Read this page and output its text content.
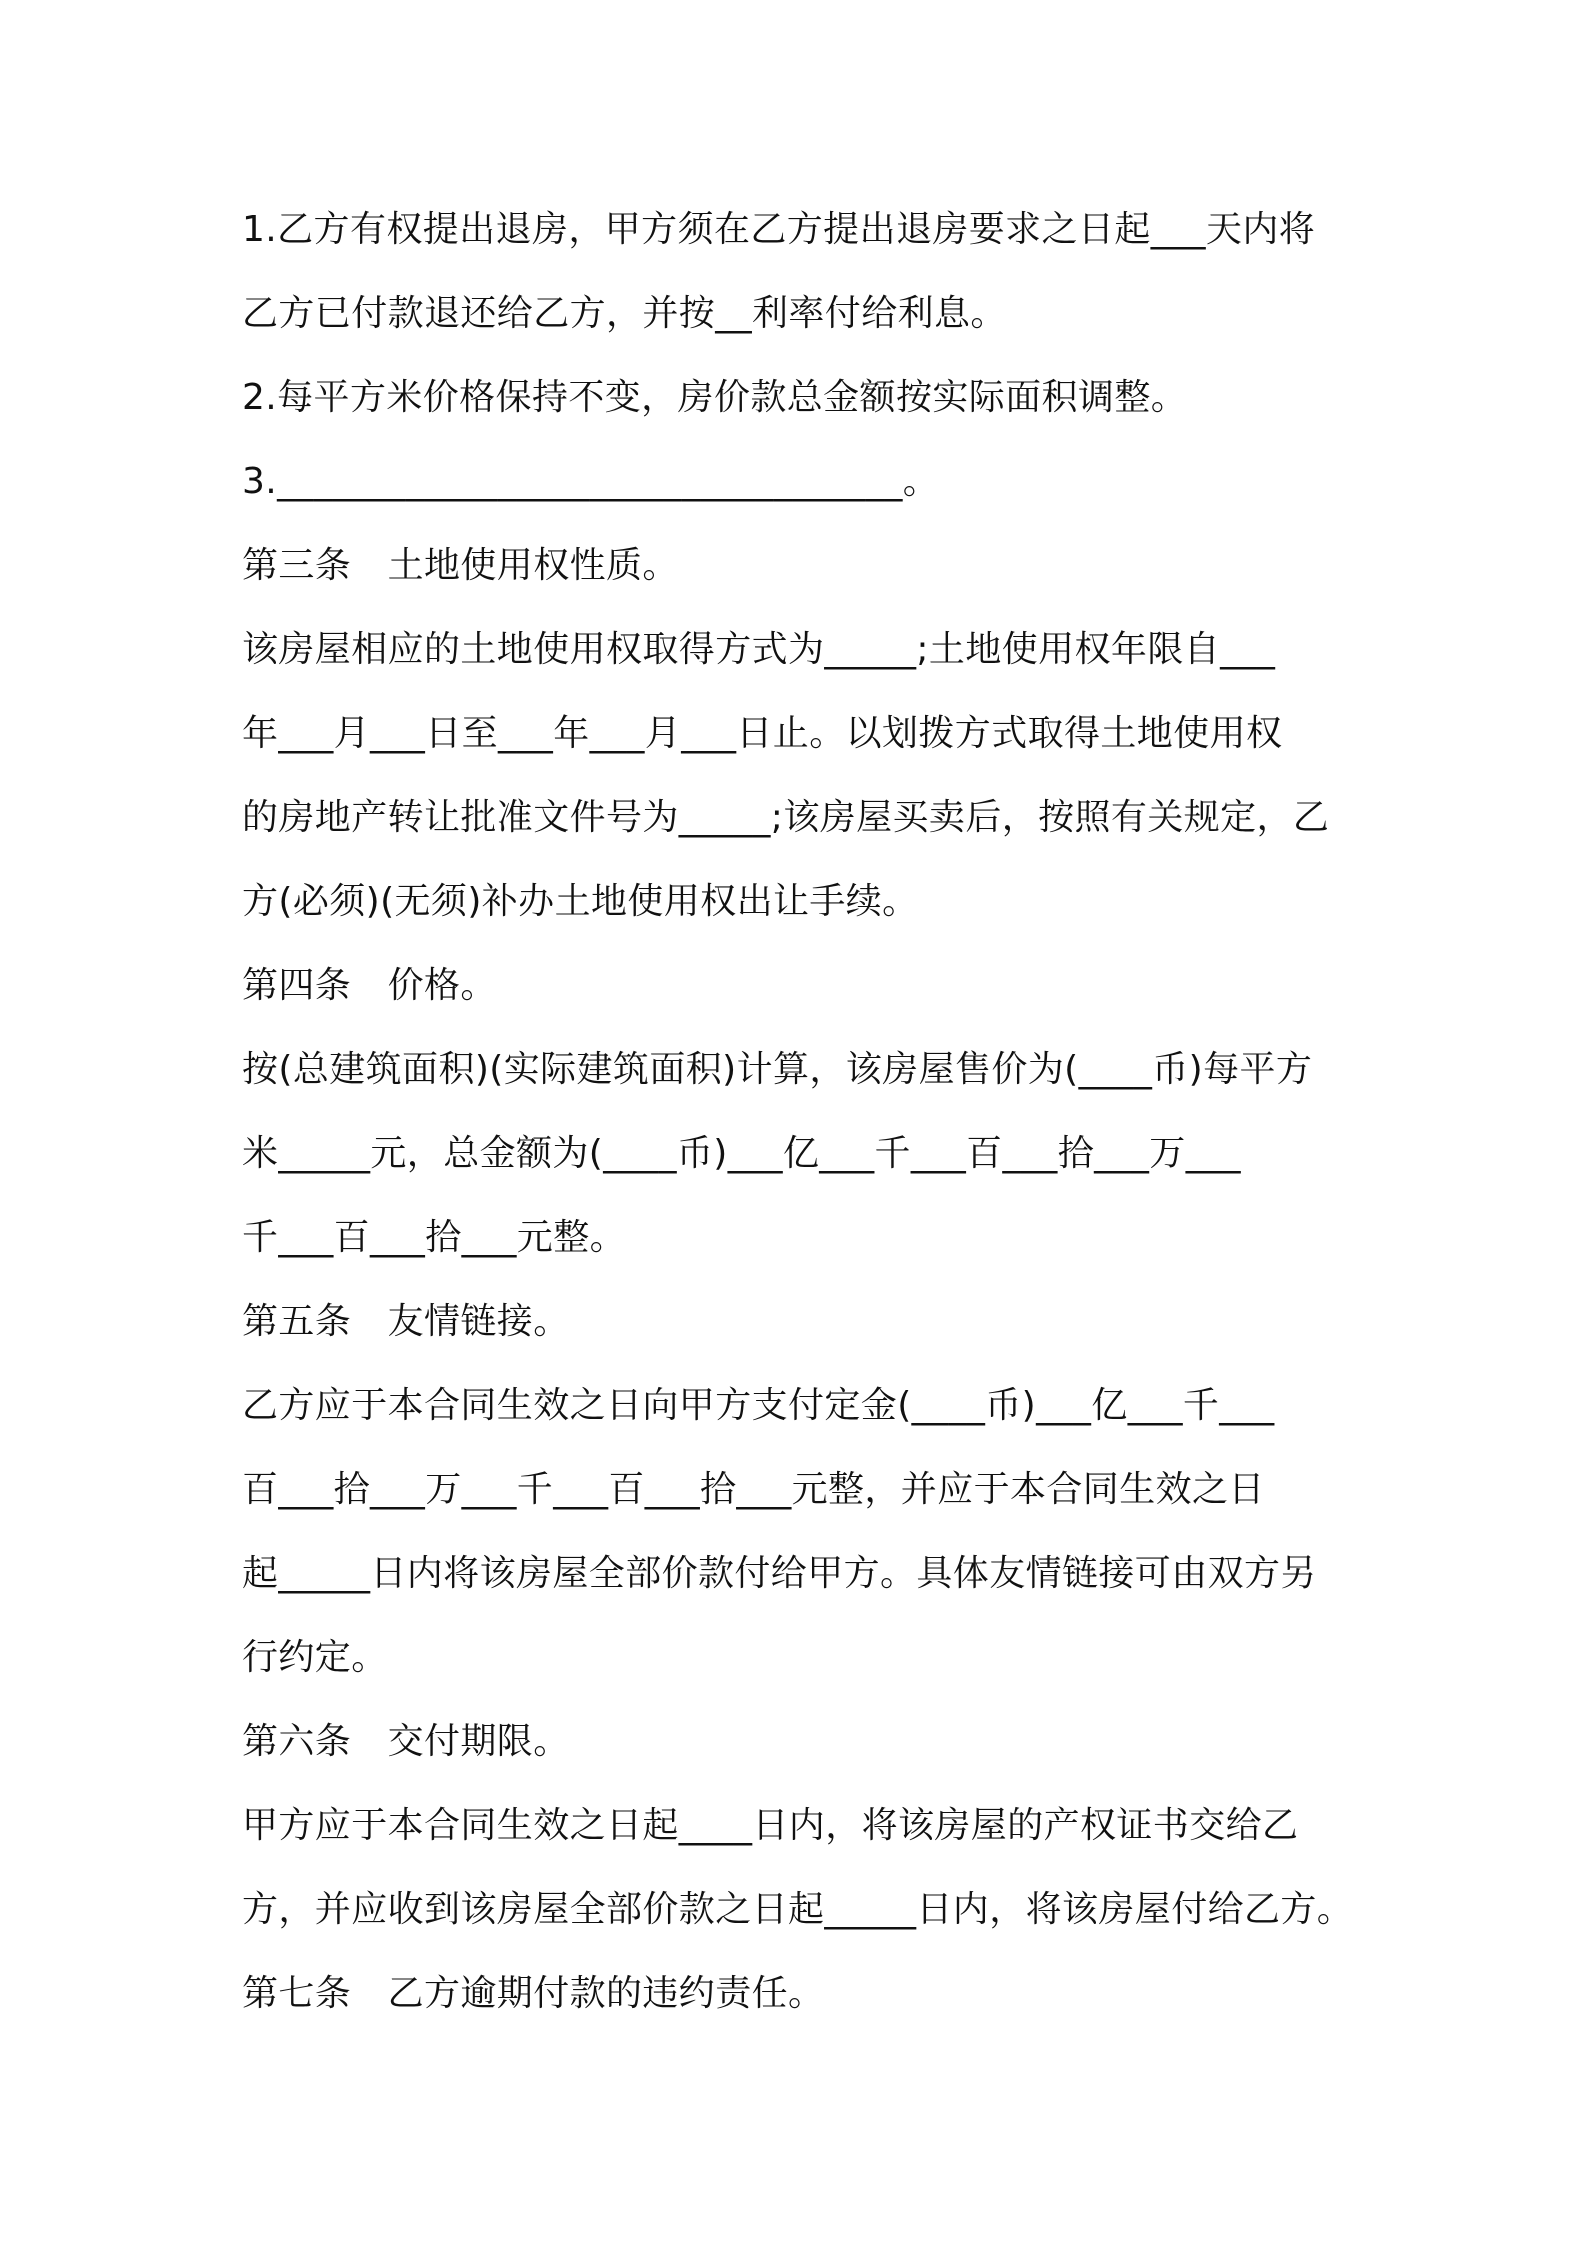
1.乙方有权提出退房，甲方须在乙方提出退房要求之日起___天内将
乙方已付款退还给乙方，并按__利率付给利息。
2.每平方米价格保持不变，房价款总金额按实际面积调整。
3.__________________________________。
第三条　土地使用权性质。
该房屋相应的土地使用权取得方式为_____;土地使用权年限自___
年___月___日至___年___月___日止。以划拨方式取得土地使用权
的房地产转让批准文件号为_____;该房屋买卖后，按照有关规定，乙
方(必须)(无须)补办土地使用权出让手续。
第四条　价格。
按(总建筑面积)(实际建筑面积)计算，该房屋售价为(____币)每平方
米_____元，总金额为(____币)___亿___千___百___拾___万___
千___百___拾___元整。
第五条　友情链接。
乙方应于本合同生效之日向甲方支付定金(____币)___亿___千___
百___拾___万___千___百___拾___元整，并应于本合同生效之日
起_____日内将该房屋全部价款付给甲方。具体友情链接可由双方另
行约定。
第六条　交付期限。
甲方应于本合同生效之日起____日内，将该房屋的产权证书交给乙
方，并应收到该房屋全部价款之日起_____日内，将该房屋付给乙方。
第七条　乙方逾期付款的违约责任。
